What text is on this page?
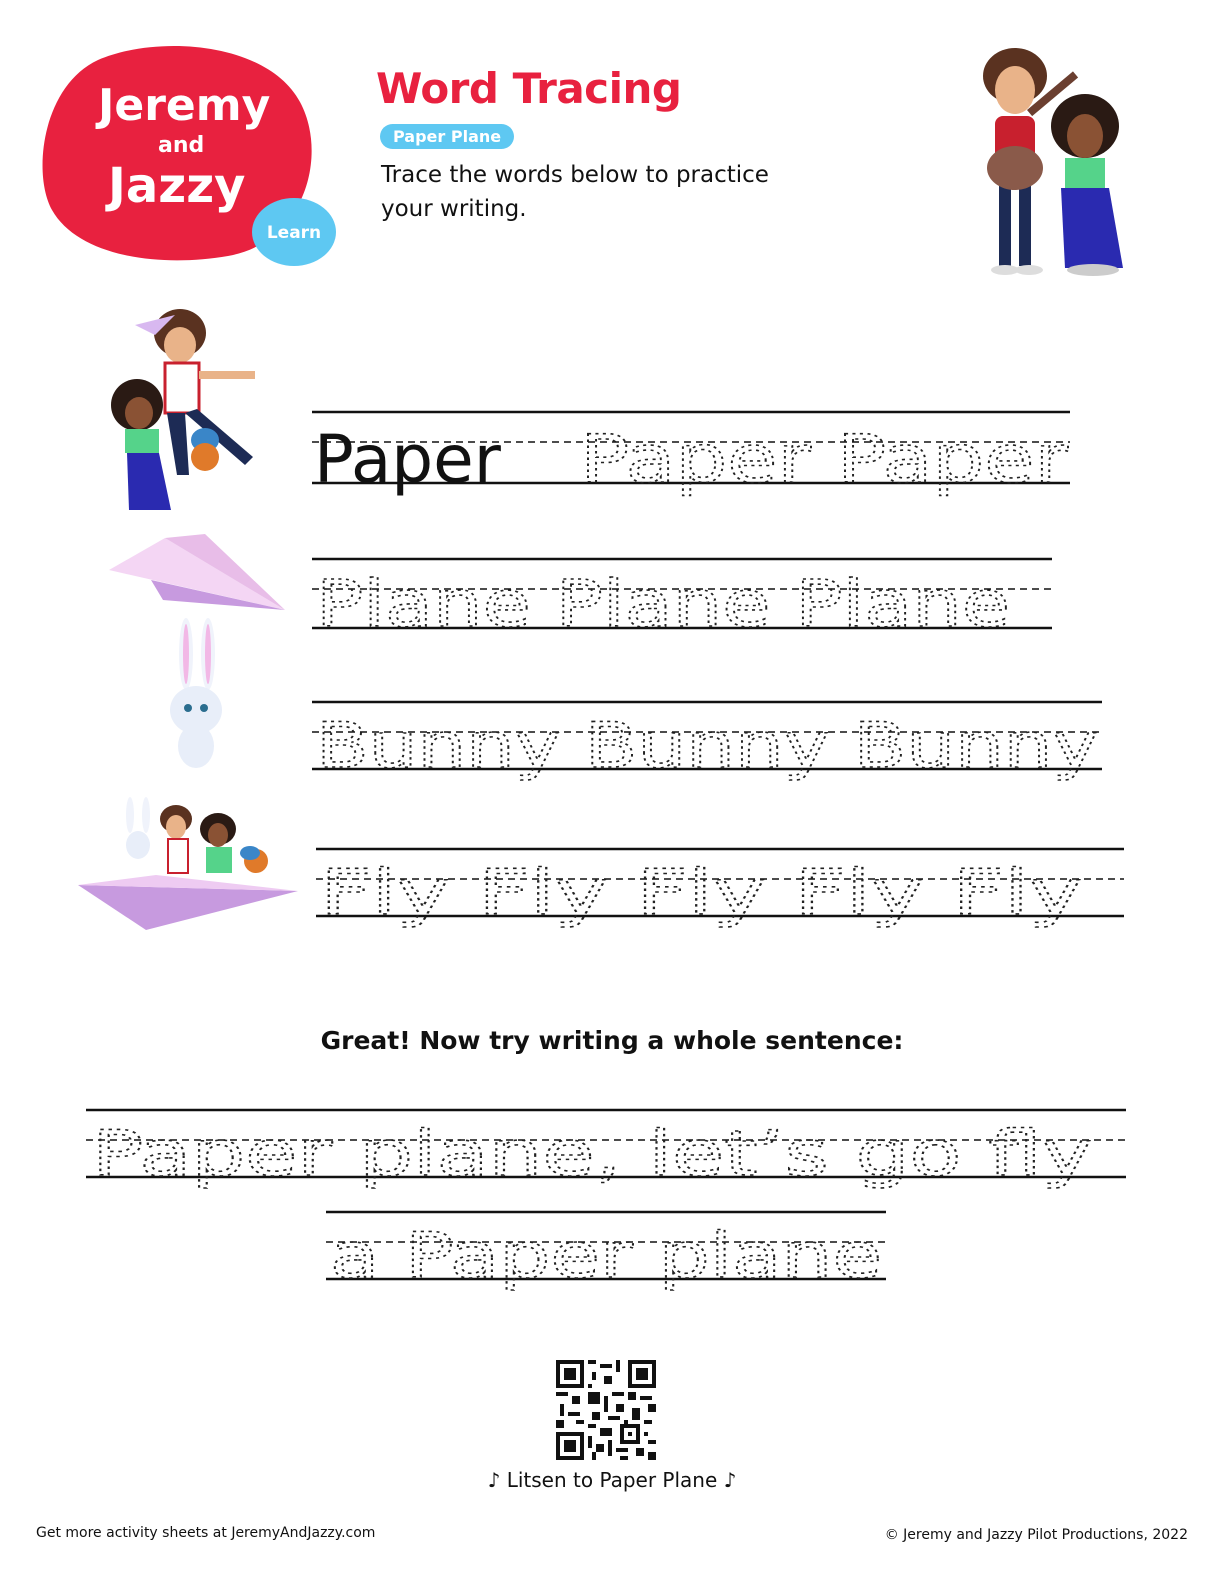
Jeremy
and
Jazzy
Learn
Word Tracing
Paper Plane
Trace the words below to practice your writing.
Paper Paper Paper
Plane Plane Plane
Bunny Bunny Bunny
Fly Fly Fly Fly Fly
Great! Now try writing a whole sentence:
Paper plane, let’s go fly
a Paper plane
♪ Litsen to Paper Plane ♪
Get more activity sheets at JeremyAndJazzy.com	© Jeremy and Jazzy Pilot Productions, 2022
